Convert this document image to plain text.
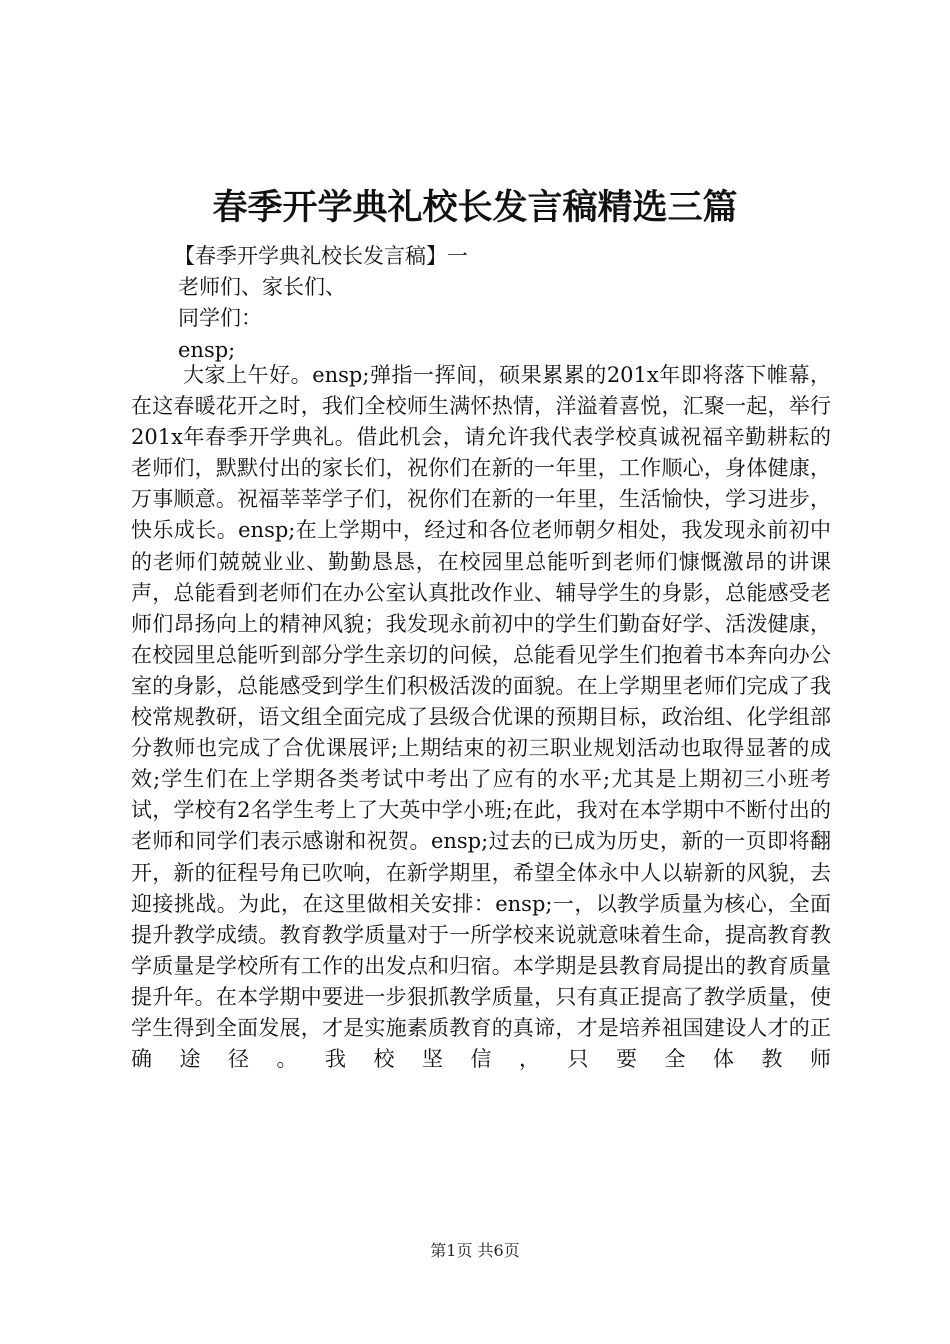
春季开学典礼校长发言稿精选三篇

【春季开学典礼校长发言稿】一

老师们、家长们、

同学们：

ensp;

大家上午好。ensp;弹指一挥间，硕果累累的201x年即将落下帷幕，在这春暖花开之时，我们全校师生满怀热情，洋溢着喜悦，汇聚一起，举行201x年春季开学典礼。借此机会，请允许我代表学校真诚祝福辛勤耕耘的老师们，默默付出的家长们，祝你们在新的一年里，工作顺心，身体健康，万事顺意。祝福莘莘学子们，祝你们在新的一年里，生活愉快，学习进步，快乐成长。ensp;在上学期中，经过和各位老师朝夕相处，我发现永前初中的老师们兢兢业业、勤勤恳恳，在校园里总能听到老师们慷慨激昂的讲课声，总能看到老师们在办公室认真批改作业、辅导学生的身影，总能感受老师们昂扬向上的精神风貌；我发现永前初中的学生们勤奋好学、活泼健康，在校园里总能听到部分学生亲切的问候，总能看见学生们抱着书本奔向办公室的身影，总能感受到学生们积极活泼的面貌。在上学期里老师们完成了我校常规教研，语文组全面完成了县级合优课的预期目标，政治组、化学组部分教师也完成了合优课展评;上期结束的初三职业规划活动也取得显著的成效;学生们在上学期各类考试中考出了应有的水平;尤其是上期初三小班考试，学校有2名学生考上了大英中学小班;在此，我对在本学期中不断付出的老师和同学们表示感谢和祝贺。ensp;过去的已成为历史，新的一页即将翻开，新的征程号角已吹响，在新学期里，希望全体永中人以崭新的风貌，去迎接挑战。为此，在这里做相关安排：ensp;一，以教学质量为核心，全面提升教学成绩。教育教学质量对于一所学校来说就意味着生命，提高教育教学质量是学校所有工作的出发点和归宿。本学期是县教育局提出的教育质量提升年。在本学期中要进一步狠抓教学质量，只有真正提高了教学质量，使学生得到全面发展，才是实施素质教育的真谛，才是培养祖国建设人才的正确途径。我校坚信，只要全体教师

第1页 共6页
